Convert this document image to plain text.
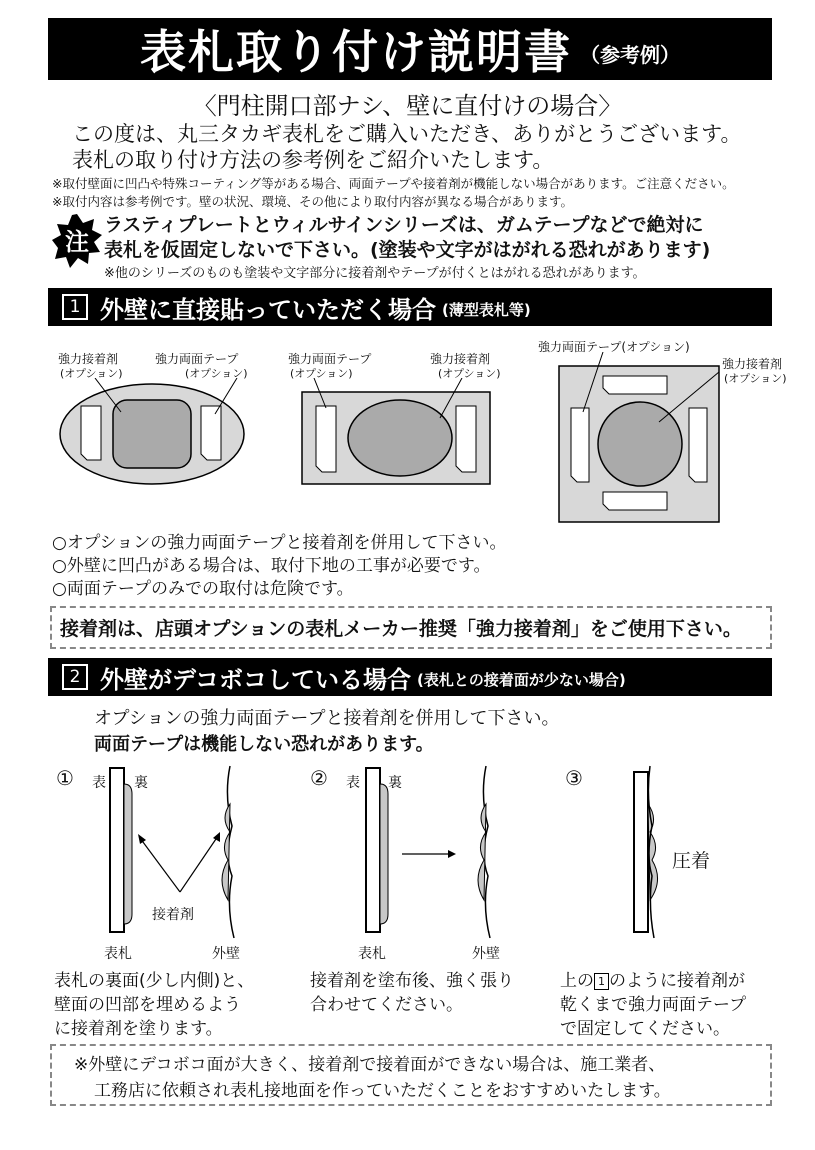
表札取り付け説明書 （参考例）
〈門柱開口部ナシ、壁に直付けの場合〉
この度は、丸三タカギ表札をご購入いただき、ありがとうございます。
表札の取り付け方法の参考例をご紹介いたします。
※取付壁面に凹凸や特殊コーティング等がある場合、両面テープや接着剤が機能しない場合があります。ご注意ください。
※取付内容は参考例です。壁の状況、環境、その他により取付内容が異なる場合があります。
注
ラスティプレートとウィルサインシリーズは、ガムテープなどで絶対に
表札を仮固定しないで下さい。(塗装や文字がはがれる恐れがあります)
※他のシリーズのものも塗装や文字部分に接着剤やテープが付くとはがれる恐れがあります。
1 外壁に直接貼っていただく場合 (薄型表札等)
強力接着剤
(オプション)
強力両面テープ
(オプション)
強力両面テープ
(オプション)
強力接着剤
(オプション)
強力両面テープ(オプション)
強力接着剤
(オプション)
○オプションの強力両面テープと接着剤を併用して下さい。
○外壁に凹凸がある場合は、取付下地の工事が必要です。
○両面テープのみでの取付は危険です。
接着剤は、店頭オプションの表札メーカー推奨「強力接着剤」をご使用下さい。
2 外壁がデコボコしている場合 (表札との接着面が少ない場合)
オプションの強力両面テープと接着剤を併用して下さい。
両面テープは機能しない恐れがあります。
① 表 裏
接着剤
表札	外壁
表札の裏面(少し内側)と、
壁面の凹部を埋めるよう
に接着剤を塗ります。
② 表 裏
表札	外壁
接着剤を塗布後、強く張り
合わせてください。
③
圧着
上の 1 のように接着剤が
乾くまで強力両面テープ
で固定してください。
※外壁にデコボコ面が大きく、接着剤で接着面ができない場合は、施工業者、
工務店に依頼され表札接地面を作っていただくことをおすすめいたします。
